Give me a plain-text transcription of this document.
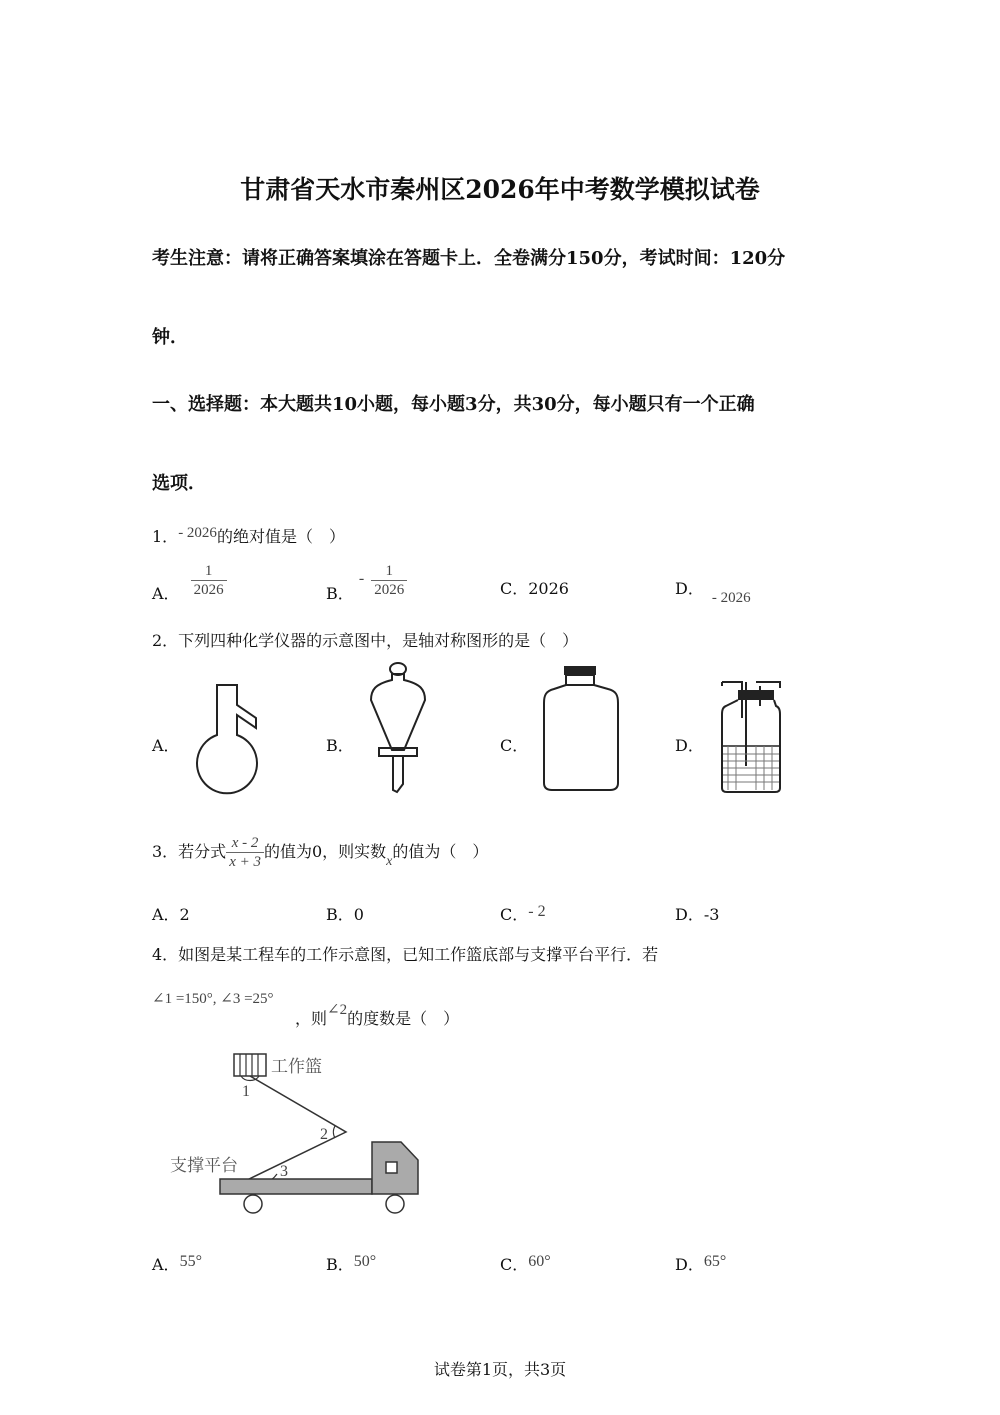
甘肃省天水市秦州区2026年中考数学模拟试卷
考生注意：请将正确答案填涂在答题卡上．全卷满分150分，考试时间：120分
钟．
一、选择题：本大题共10小题，每小题3分，共30分，每小题只有一个正确
选项．
1．- 2026的绝对值是（　）
A． $\frac{1}{2026}$	B． - $\frac{1}{2026}$	C．2026	D． - 2026
2．下列四种化学仪器的示意图中，是轴对称图形的是（　）
A．	B．	C．	D．
3．若分式 $\frac{x - 2}{x + 3}$ 的值为0，则实数x的值为（　）
A．2	B．0	C．- 2	D．-3
4．如图是某工程车的工作示意图，已知工作篮底部与支撑平台平行．若
∠1 =150°, ∠3 =25°
，则∠2的度数是（　）
工作篮
支撑平台
1
2
3
A．55°	B．50°	C．60°	D．65°
试卷第1页，共3页
